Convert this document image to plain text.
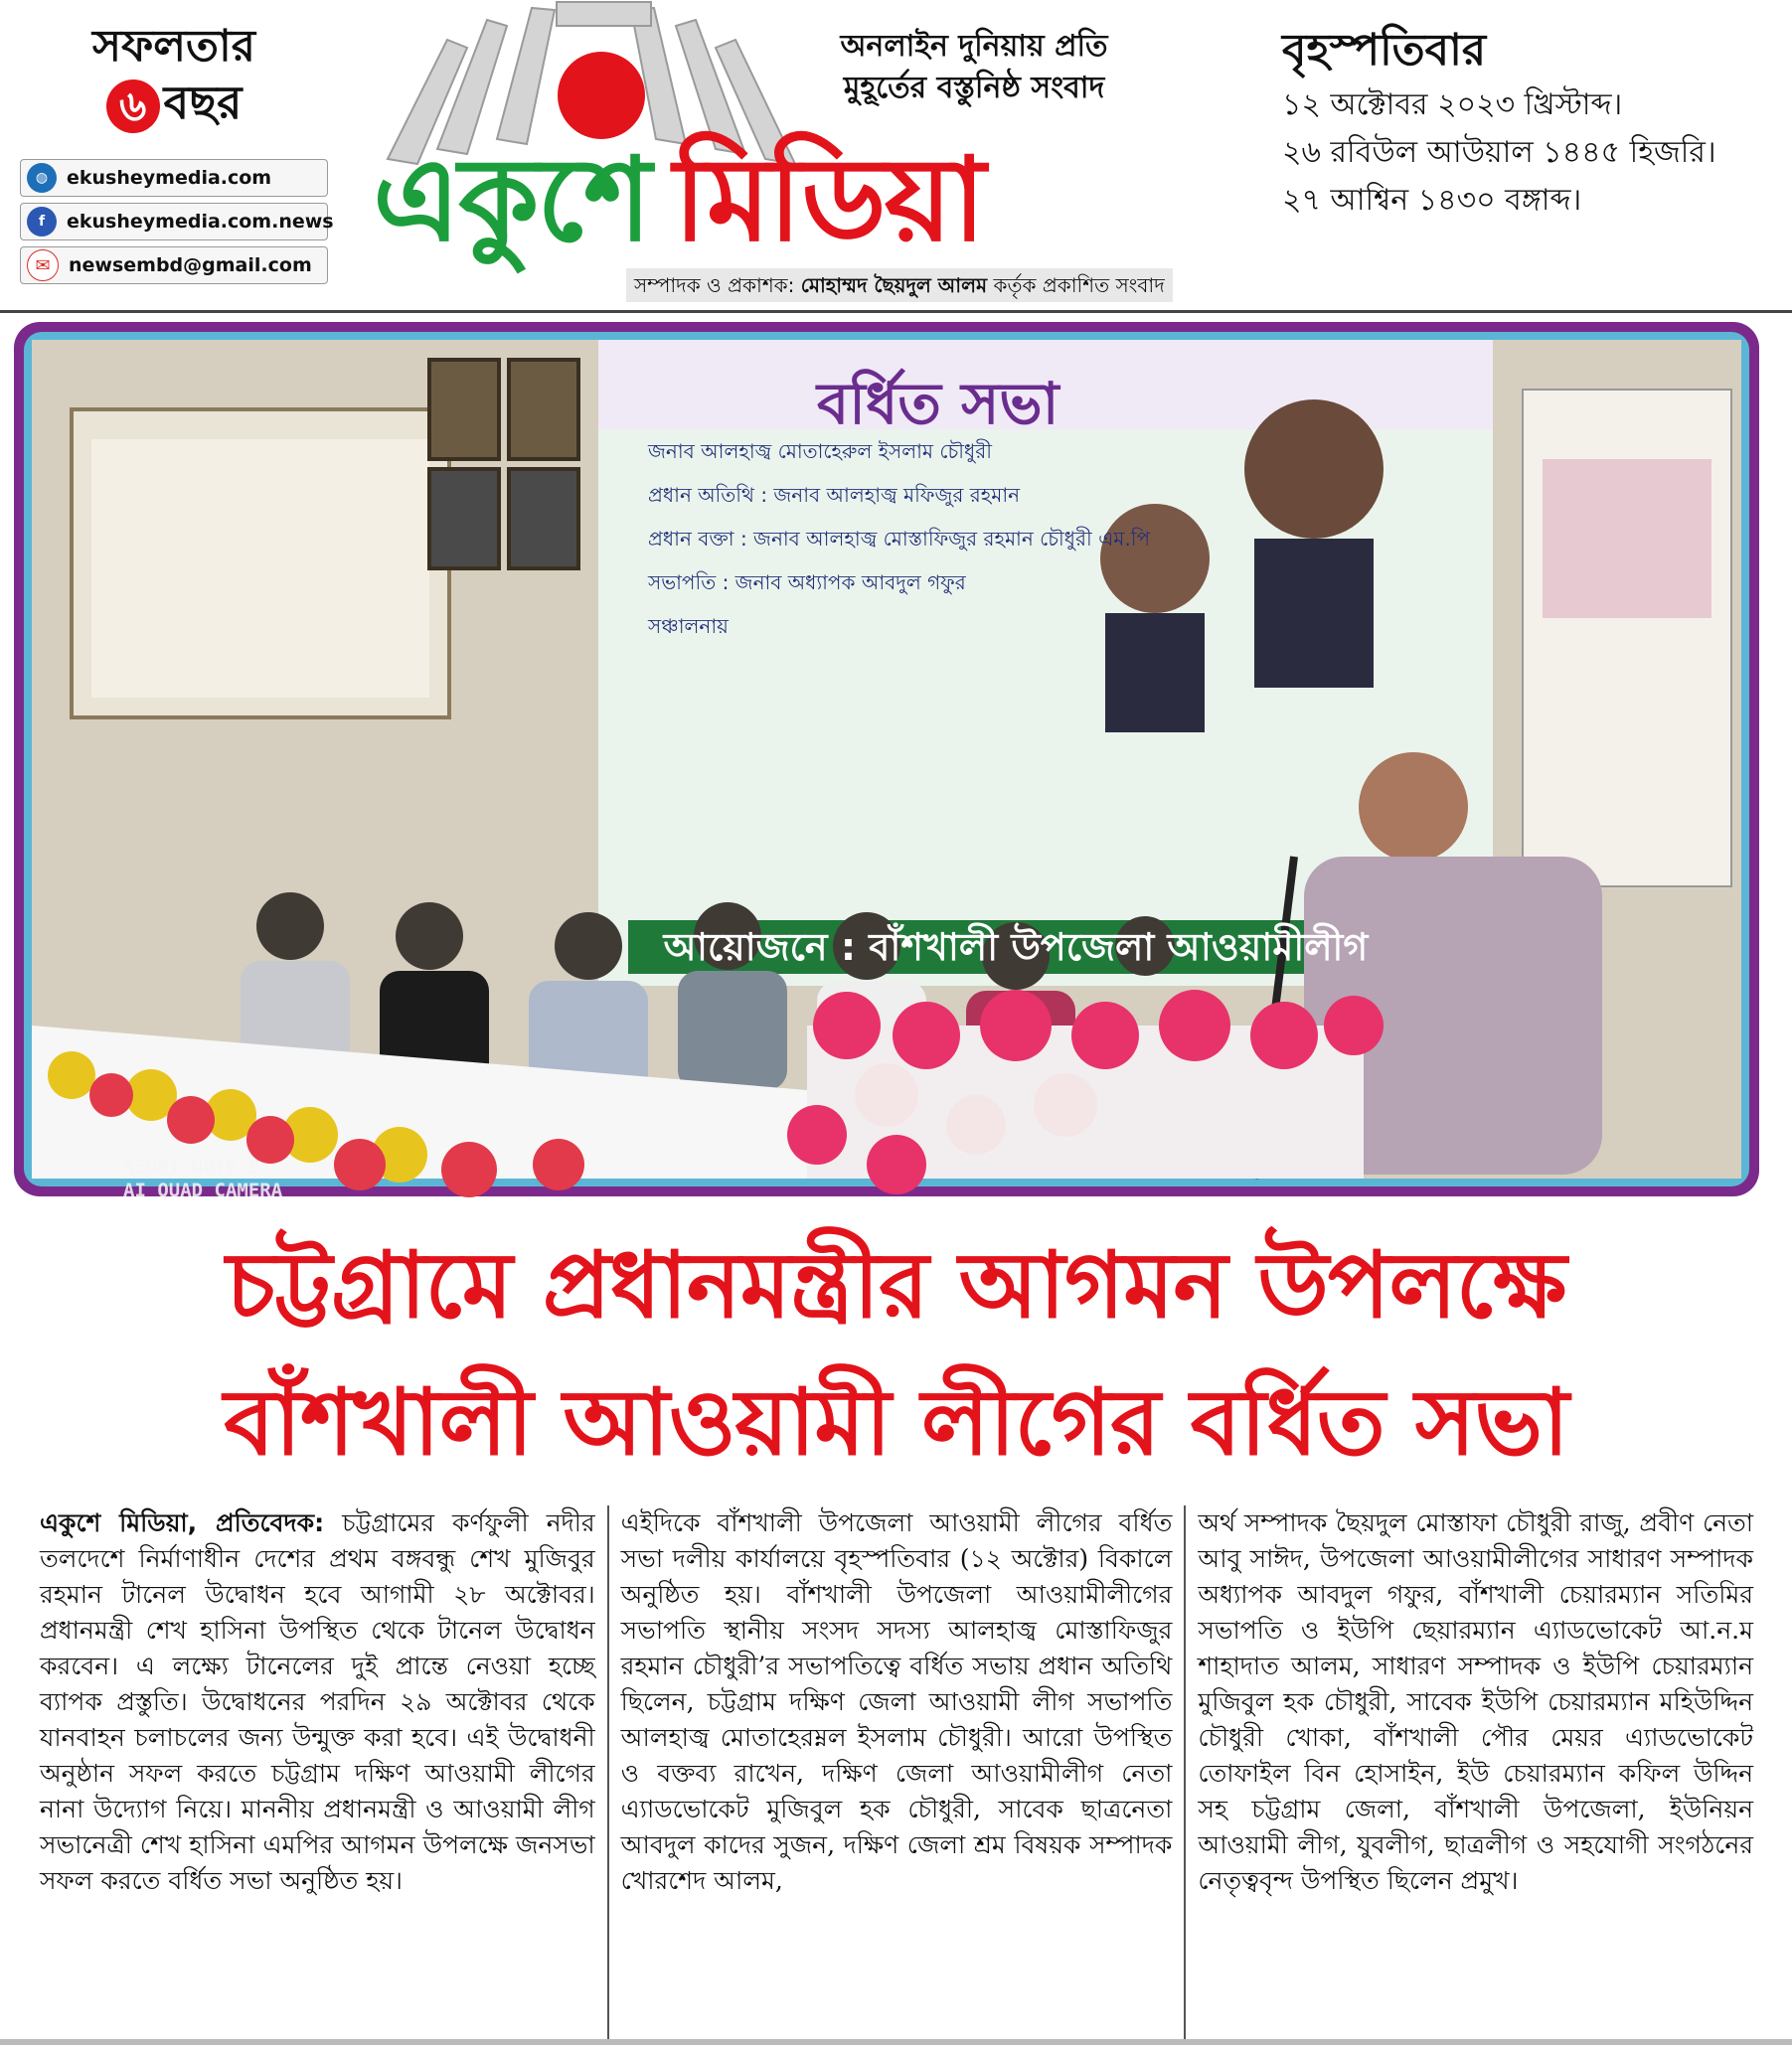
সফলতার
৬ বছর
◍ ekusheymedia.com
f	ekusheymedia.com.news
✉ newsembd@gmail.com একুশে মিডিয়া
অনলাইন দুনিয়ায় প্রতি
মুহূর্তের বস্তুনিষ্ঠ সংবাদ
বৃহস্পতিবার
১২ অক্টোবর ২০২৩ খ্রিস্টাব্দ।
২৬ রবিউল আউয়াল ১৪৪৫ হিজরি।
২৭ আশ্বিন ১৪৩০ বঙ্গাব্দ।
সম্পাদক ও প্রকাশক: মোহাম্মদ ছৈয়দুল আলম কর্তৃক প্রকাশিত সংবাদ
বর্ধিত সভা
জনাব আলহাজ্ব মোতাহেরুল ইসলাম চৌধুরী
প্রধান অতিথি : জনাব আলহাজ্ব মফিজুর রহমান
প্রধান বক্তা : জনাব আলহাজ্ব মোস্তাফিজুর রহমান চৌধুরী এম.পি
সভাপতি : জনাব অধ্যাপক আবদুল গফুর
সঞ্চালনায়
আয়োজনে : বাঁশখালী উপজেলা আওয়ামীলীগ
REDMI NOTE 9
AI QUAD CAMERA
চট্টগ্রামে প্রধানমন্ত্রীর আগমন উপলক্ষে
বাঁশখালী আওয়ামী লীগের বর্ধিত সভা
একুশে মিডিয়া, প্রতিবেদক: চট্টগ্রামের কর্ণফুলী নদীর তলদেশে নির্মাণাধীন দেশের প্রথম বঙ্গবন্ধু শেখ মুজিবুর রহমান টানেল উদ্বোধন হবে আগামী ২৮ অক্টোবর। প্রধানমন্ত্রী শেখ হাসিনা উপস্থিত থেকে টানেল উদ্বোধন করবেন। এ লক্ষ্যে টানেলের দুই প্রান্তে নেওয়া হচ্ছে ব্যাপক প্রস্তুতি। উদ্বোধনের পরদিন ২৯ অক্টোবর থেকে যানবাহন চলাচলের জন্য উন্মুক্ত করা হবে। এই উদ্বোধনী অনুষ্ঠান সফল করতে চট্টগ্রাম দক্ষিণ আওয়ামী লীগের নানা উদ্যোগ নিয়ে। মাননীয় প্রধানমন্ত্রী ও আওয়ামী লীগ সভানেত্রী শেখ হাসিনা এমপির আগমন উপলক্ষে জনসভা সফল করতে বর্ধিত সভা অনুষ্ঠিত হয়।
এইদিকে বাঁশখালী উপজেলা আওয়ামী লীগের বর্ধিত সভা দলীয় কার্যালয়ে বৃহস্পতিবার (১২ অক্টোর) বিকালে অনুষ্ঠিত হয়। বাঁশখালী উপজেলা আওয়ামীলীগের সভাপতি স্থানীয় সংসদ সদস্য আলহাজ্ব মোস্তাফিজুর রহমান চৌধুরী’র সভাপতিত্বে বর্ধিত সভায় প্রধান অতিথি ছিলেন, চট্টগ্রাম দক্ষিণ জেলা আওয়ামী লীগ সভাপতি আলহাজ্ব মোতাহেরম্নল ইসলাম চৌধুরী। আরো উপস্থিত ও বক্তব্য রাখেন, দক্ষিণ জেলা আওয়ামীলীগ নেতা এ্যাডভোকেট মুজিবুল হক চৌধুরী, সাবেক ছাত্রনেতা আবদুল কাদের সুজন, দক্ষিণ জেলা শ্রম বিষয়ক সম্পাদক খোরশেদ আলম,
অর্থ সম্পাদক ছৈয়দুল মোস্তাফা চৌধুরী রাজু, প্রবীণ নেতা আবু সাঈদ, উপজেলা আওয়ামীলীগের সাধারণ সম্পাদক অধ্যাপক আবদুল গফুর, বাঁশখালী চেয়ারম্যান সতিমির সভাপতি ও ইউপি ছেয়ারম্যান এ্যাডভোকেট আ.ন.ম শাহাদাত আলম, সাধারণ সম্পাদক ও ইউপি চেয়ারম্যান মুজিবুল হক চৌধুরী, সাবেক ইউপি চেয়ারম্যান মহিউদ্দিন চৌধুরী খোকা, বাঁশখালী পৌর মেয়র এ্যাডভোকেট তোফাইল বিন হোসাইন, ইউ চেয়ারম্যান কফিল উদ্দিন সহ চট্টগ্রাম জেলা, বাঁশখালী উপজেলা, ইউনিয়ন আওয়ামী লীগ, যুবলীগ, ছাত্রলীগ ও সহযোগী সংগঠনের নেতৃত্ববৃন্দ উপস্থিত ছিলেন প্রমুখ।
